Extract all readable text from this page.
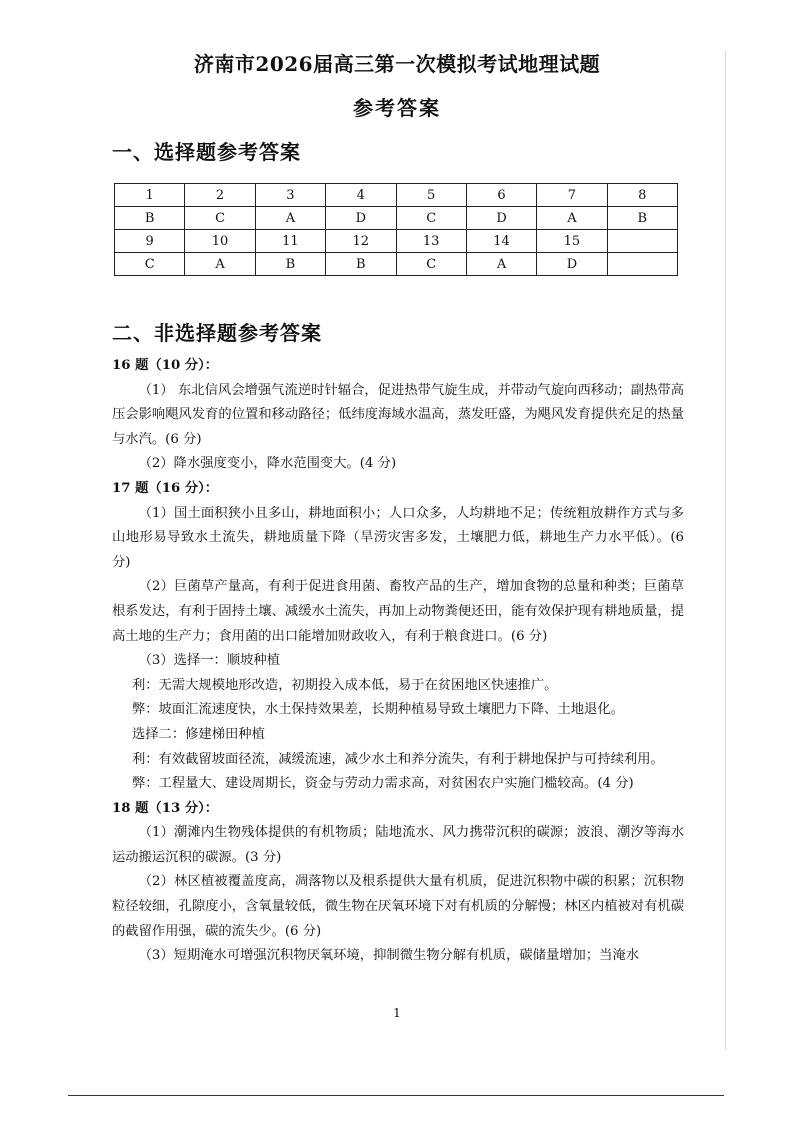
济南市2026届高三第一次模拟考试地理试题
参考答案
一、选择题参考答案
1	2	3	4	5	6	7	8
B	C	A	D	C	D	A	B
9	10	11	12	13	14	15	
C	A	B	B	C	A	D	
二、非选择题参考答案

16 题（10 分）：

（1） 东北信风会增强气流逆时针辐合，促进热带气旋生成，并带动气旋向西移动；副热带高压会影响飓风发育的位置和移动路径；低纬度海域水温高，蒸发旺盛，为飓风发育提供充足的热量与水汽。(6 分)

（2）降水强度变小，降水范围变大。(4 分)

17 题（16 分）：

（1）国土面积狭小且多山，耕地面积小；人口众多，人均耕地不足；传统粗放耕作方式与多山地形易导致水土流失，耕地质量下降（旱涝灾害多发，土壤肥力低，耕地生产力水平低）。(6 分)

（2）巨菌草产量高，有利于促进食用菌、畜牧产品的生产，增加食物的总量和种类；巨菌草根系发达，有利于固持土壤、减缓水土流失，再加上动物粪便还田，能有效保护现有耕地质量，提高土地的生产力；食用菌的出口能增加财政收入，有利于粮食进口。(6 分)

（3）选择一：顺坡种植

利：无需大规模地形改造，初期投入成本低，易于在贫困地区快速推广。

弊：坡面汇流速度快，水土保持效果差，长期种植易导致土壤肥力下降、土地退化。

选择二：修建梯田种植

利：有效截留坡面径流，减缓流速，减少水土和养分流失，有利于耕地保护与可持续利用。

弊：工程量大、建设周期长，资金与劳动力需求高，对贫困农户实施门槛较高。(4 分)

18 题（13 分）：

（1）潮滩内生物残体提供的有机物质；陆地流水、风力携带沉积的碳源；波浪、潮汐等海水运动搬运沉积的碳源。(3 分)

（2）林区植被覆盖度高，凋落物以及根系提供大量有机质，促进沉积物中碳的积累；沉积物粒径较细，孔隙度小，含氧量较低，微生物在厌氧环境下对有机质的分解慢；林区内植被对有机碳的截留作用强，碳的流失少。(6 分)

（3）短期淹水可增强沉积物厌氧环境，抑制微生物分解有机质，碳储量增加；当淹水

1
